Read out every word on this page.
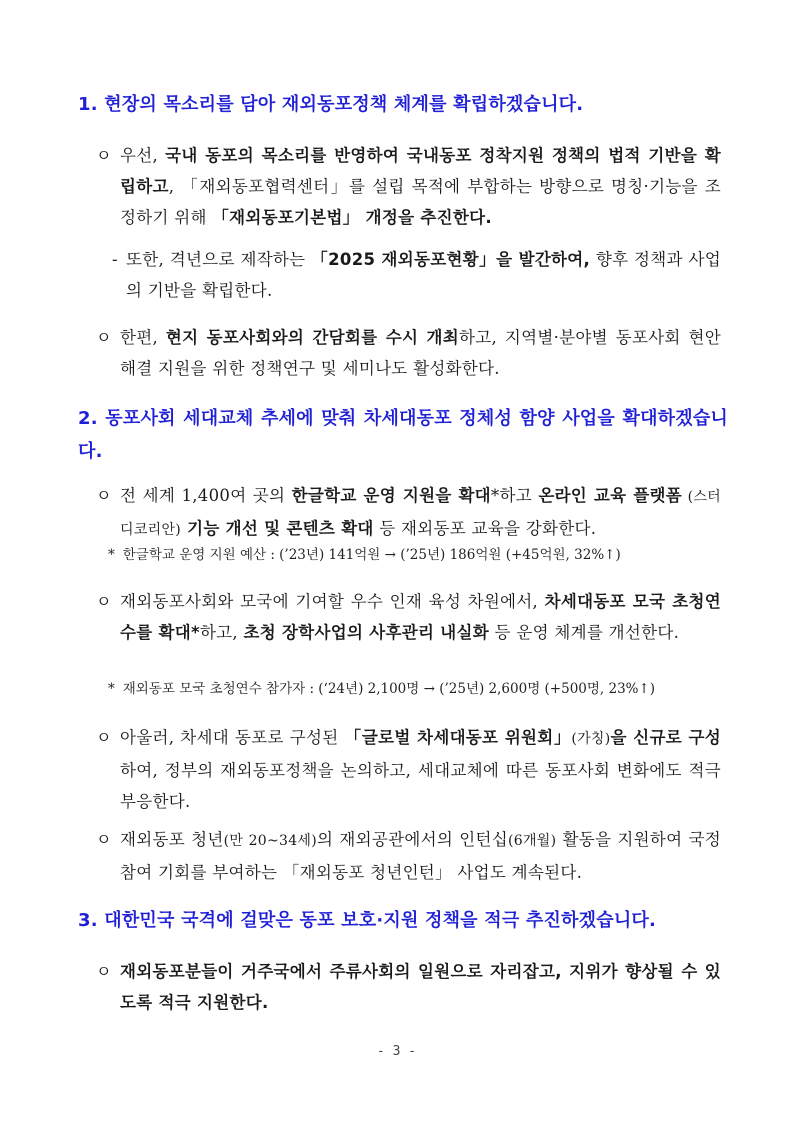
1. 현장의 목소리를 담아 재외동포정책 체계를 확립하겠습니다.
ㅇ 우선, 국내 동포의 목소리를 반영하여 국내동포 정착지원 정책의 법적 기반을 확립하고, 「재외동포협력센터」를 설립 목적에 부합하는 방향으로 명칭·기능을 조정하기 위해 「재외동포기본법」 개정을 추진한다.
- 또한, 격년으로 제작하는 「2025 재외동포현황」을 발간하여, 향후 정책과 사업의 기반을 확립한다.
ㅇ 한편, 현지 동포사회와의 간담회를 수시 개최하고, 지역별·분야별 동포사회 현안 해결 지원을 위한 정책연구 및 세미나도 활성화한다.
2. 동포사회 세대교체 추세에 맞춰 차세대동포 정체성 함양 사업을 확대하겠습니다.
ㅇ 전 세계 1,400여 곳의 한글학교 운영 지원을 확대*하고 온라인 교육 플랫폼 (스터디코리안) 기능 개선 및 콘텐츠 확대 등 재외동포 교육을 강화한다.
* 한글학교 운영 지원 예산 : (’23년) 141억원 → (’25년) 186억원 (+45억원, 32%↑)
ㅇ 재외동포사회와 모국에 기여할 우수 인재 육성 차원에서, 차세대동포 모국 초청연수를 확대*하고, 초청 장학사업의 사후관리 내실화 등 운영 체계를 개선한다.
* 재외동포 모국 초청연수 참가자 : (‘24년) 2,100명 → (’25년) 2,600명 (+500명, 23%↑)
ㅇ 아울러, 차세대 동포로 구성된 「글로벌 차세대동포 위원회」(가칭)을 신규로 구성하여, 정부의 재외동포정책을 논의하고, 세대교체에 따른 동포사회 변화에도 적극 부응한다.
ㅇ 재외동포 청년(만 20~34세)의 재외공관에서의 인턴십(6개월) 활동을 지원하여 국정참여 기회를 부여하는 「재외동포 청년인턴」 사업도 계속된다.
3. 대한민국 국격에 걸맞은 동포 보호·지원 정책을 적극 추진하겠습니다.
ㅇ 재외동포분들이 거주국에서 주류사회의 일원으로 자리잡고, 지위가 향상될 수 있도록 적극 지원한다.
- 3 -
